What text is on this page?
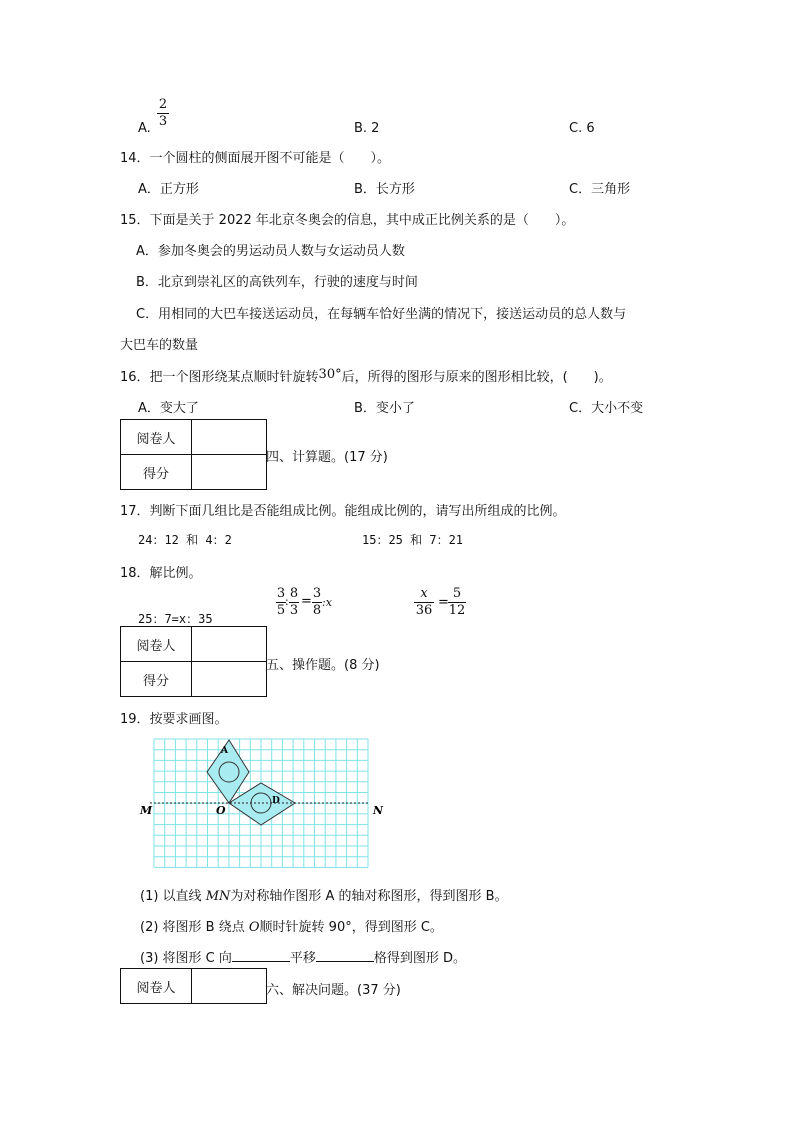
A.
2
3	B. 2	C. 6
14．一个圆柱的侧面展开图不可能是（　　）。
A．正方形	B．长方形	C．三角形
15．下面是关于 2022 年北京冬奥会的信息，其中成正比例关系的是（　　）。
A．参加冬奥会的男运动员人数与女运动员人数
B．北京到崇礼区的高铁列车，行驶的速度与时间
C．用相同的大巴车接送运动员，在每辆车恰好坐满的情况下，接送运动员的总人数与
大巴车的数量
16．把一个图形绕某点顺时针旋转30°后，所得的图形与原来的图形相比较，(　　)。
A．变大了	B．变小了	C．大小不变
阅卷人	
得分	
四、计算题。(17 分)
17．判断下面几组比是否能组成比例。能组成比例的，请写出所组成的比例。
24：12 和 4：2	15：25 和 7：21
18．解比例。
25：7=x：35
3
5
:
8
3
=
3
8
:x
x
36
=
5
12
阅卷人	
得分	
五、操作题。(8 分)
19．按要求画图。
A
D
M	O	N
(1) 以直线 MN为对称轴作图形 A 的轴对称图形，得到图形 B。
(2) 将图形 B 绕点 O顺时针旋转 90°，得到图形 C。
(3) 将图形 C 向	平移	格得到图形 D。
阅卷人		六、解决问题。(37 分)
